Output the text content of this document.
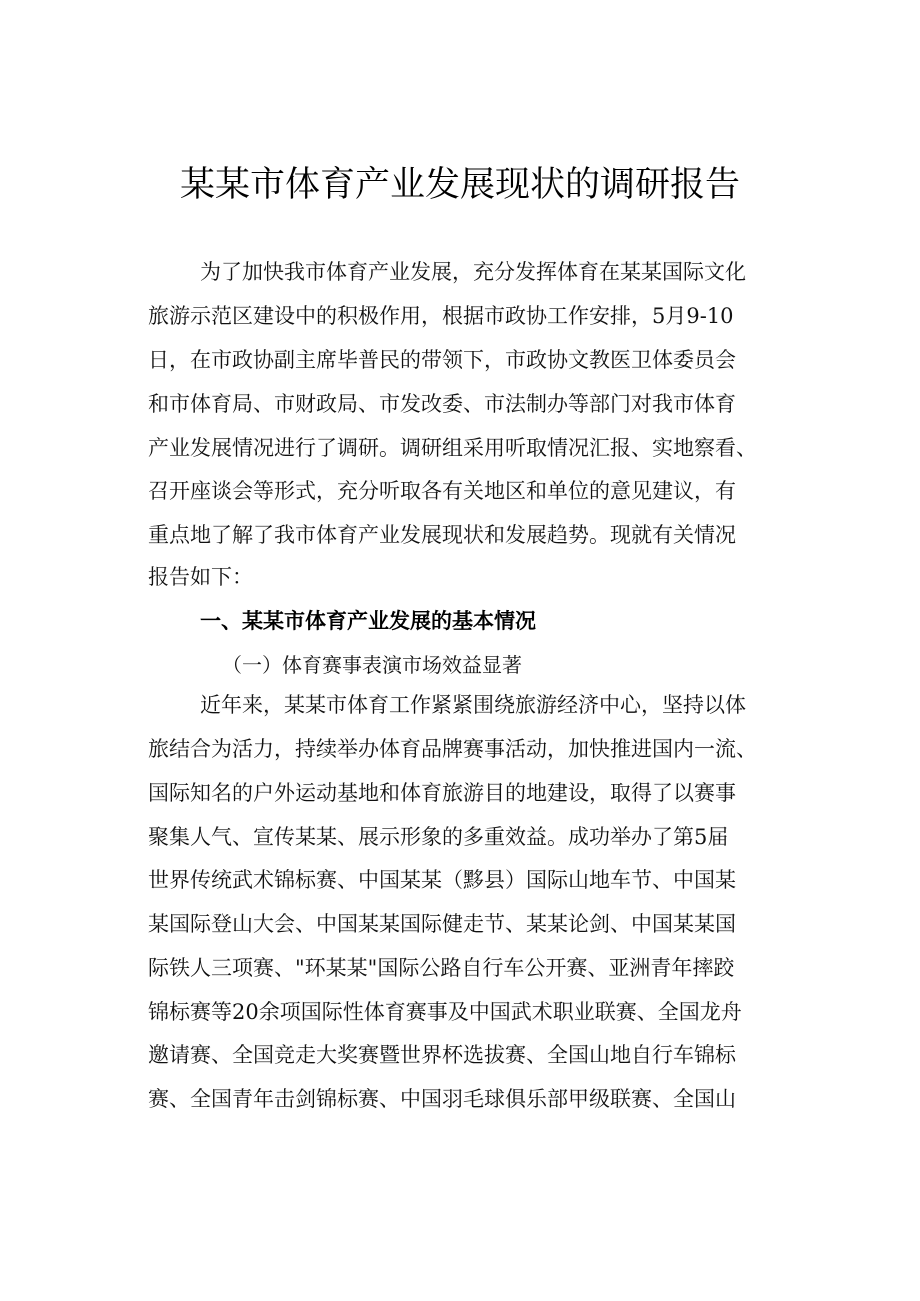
某某市体育产业发展现状的调研报告
为了加快我市体育产业发展，充分发挥体育在某某国际文化
旅游示范区建设中的积极作用，根据市政协工作安排，5月9-10
日，在市政协副主席毕普民的带领下，市政协文教医卫体委员会
和市体育局、市财政局、市发改委、市法制办等部门对我市体育
产业发展情况进行了调研。调研组采用听取情况汇报、实地察看、
召开座谈会等形式，充分听取各有关地区和单位的意见建议，有
重点地了解了我市体育产业发展现状和发展趋势。现就有关情况
报告如下：
一、某某市体育产业发展的基本情况
（一）体育赛事表演市场效益显著
近年来，某某市体育工作紧紧围绕旅游经济中心，坚持以体
旅结合为活力，持续举办体育品牌赛事活动，加快推进国内一流、
国际知名的户外运动基地和体育旅游目的地建设，取得了以赛事
聚集人气、宣传某某、展示形象的多重效益。成功举办了第5届
世界传统武术锦标赛、中国某某（黟县）国际山地车节、中国某
某国际登山大会、中国某某国际健走节、某某论剑、中国某某国
际铁人三项赛、"环某某"国际公路自行车公开赛、亚洲青年摔跤
锦标赛等20余项国际性体育赛事及中国武术职业联赛、全国龙舟
邀请赛、全国竞走大奖赛暨世界杯选拔赛、全国山地自行车锦标
赛、全国青年击剑锦标赛、中国羽毛球俱乐部甲级联赛、全国山
